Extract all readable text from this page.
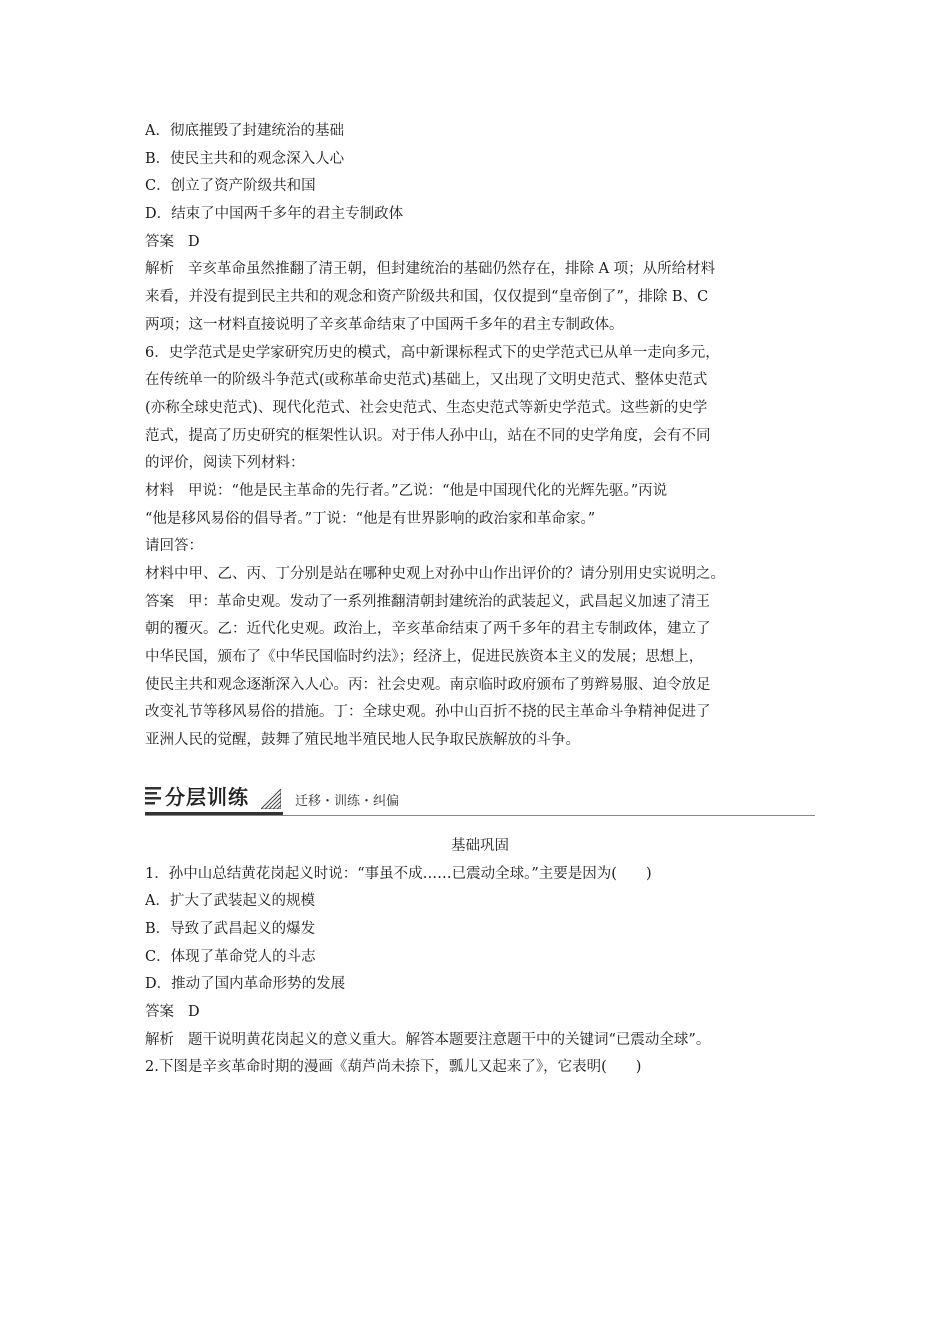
A．彻底摧毁了封建统治的基础
B．使民主共和的观念深入人心
C．创立了资产阶级共和国
D．结束了中国两千多年的君主专制政体
答案 D
解析 辛亥革命虽然推翻了清王朝，但封建统治的基础仍然存在，排除 A 项；从所给材料
来看，并没有提到民主共和的观念和资产阶级共和国，仅仅提到“皇帝倒了”，排除 B、C
两项；这一材料直接说明了辛亥革命结束了中国两千多年的君主专制政体。
6．史学范式是史学家研究历史的模式，高中新课标程式下的史学范式已从单一走向多元，
在传统单一的阶级斗争范式(或称革命史范式)基础上，又出现了文明史范式、整体史范式
(亦称全球史范式)、现代化范式、社会史范式、生态史范式等新史学范式。这些新的史学
范式，提高了历史研究的框架性认识。对于伟人孙中山，站在不同的史学角度，会有不同
的评价，阅读下列材料：
材料 甲说：“他是民主革命的先行者。”乙说：“他是中国现代化的光辉先驱。”丙说
“他是移风易俗的倡导者。”丁说：“他是有世界影响的政治家和革命家。”
请回答：
材料中甲、乙、丙、丁分别是站在哪种史观上对孙中山作出评价的？请分别用史实说明之。
答案 甲：革命史观。发动了一系列推翻清朝封建统治的武装起义，武昌起义加速了清王
朝的覆灭。乙：近代化史观。政治上，辛亥革命结束了两千多年的君主专制政体，建立了
中华民国，颁布了《中华民国临时约法》；经济上，促进民族资本主义的发展；思想上，
使民主共和观念逐渐深入人心。丙：社会史观。南京临时政府颁布了剪辫易服、迫令放足
改变礼节等移风易俗的措施。丁：全球史观。孙中山百折不挠的民主革命斗争精神促进了
亚洲人民的觉醒，鼓舞了殖民地半殖民地人民争取民族解放的斗争。
分层训练	迁移・训练・纠偏
基础巩固
1．孙中山总结黄花岗起义时说：“事虽不成……已震动全球。”主要是因为(　　)
A．扩大了武装起义的规模
B．导致了武昌起义的爆发
C．体现了革命党人的斗志
D．推动了国内革命形势的发展
答案 D
解析 题干说明黄花岗起义的意义重大。解答本题要注意题干中的关键词“已震动全球”。
2.下图是辛亥革命时期的漫画《葫芦尚未捺下，瓢儿又起来了》，它表明(　　)
